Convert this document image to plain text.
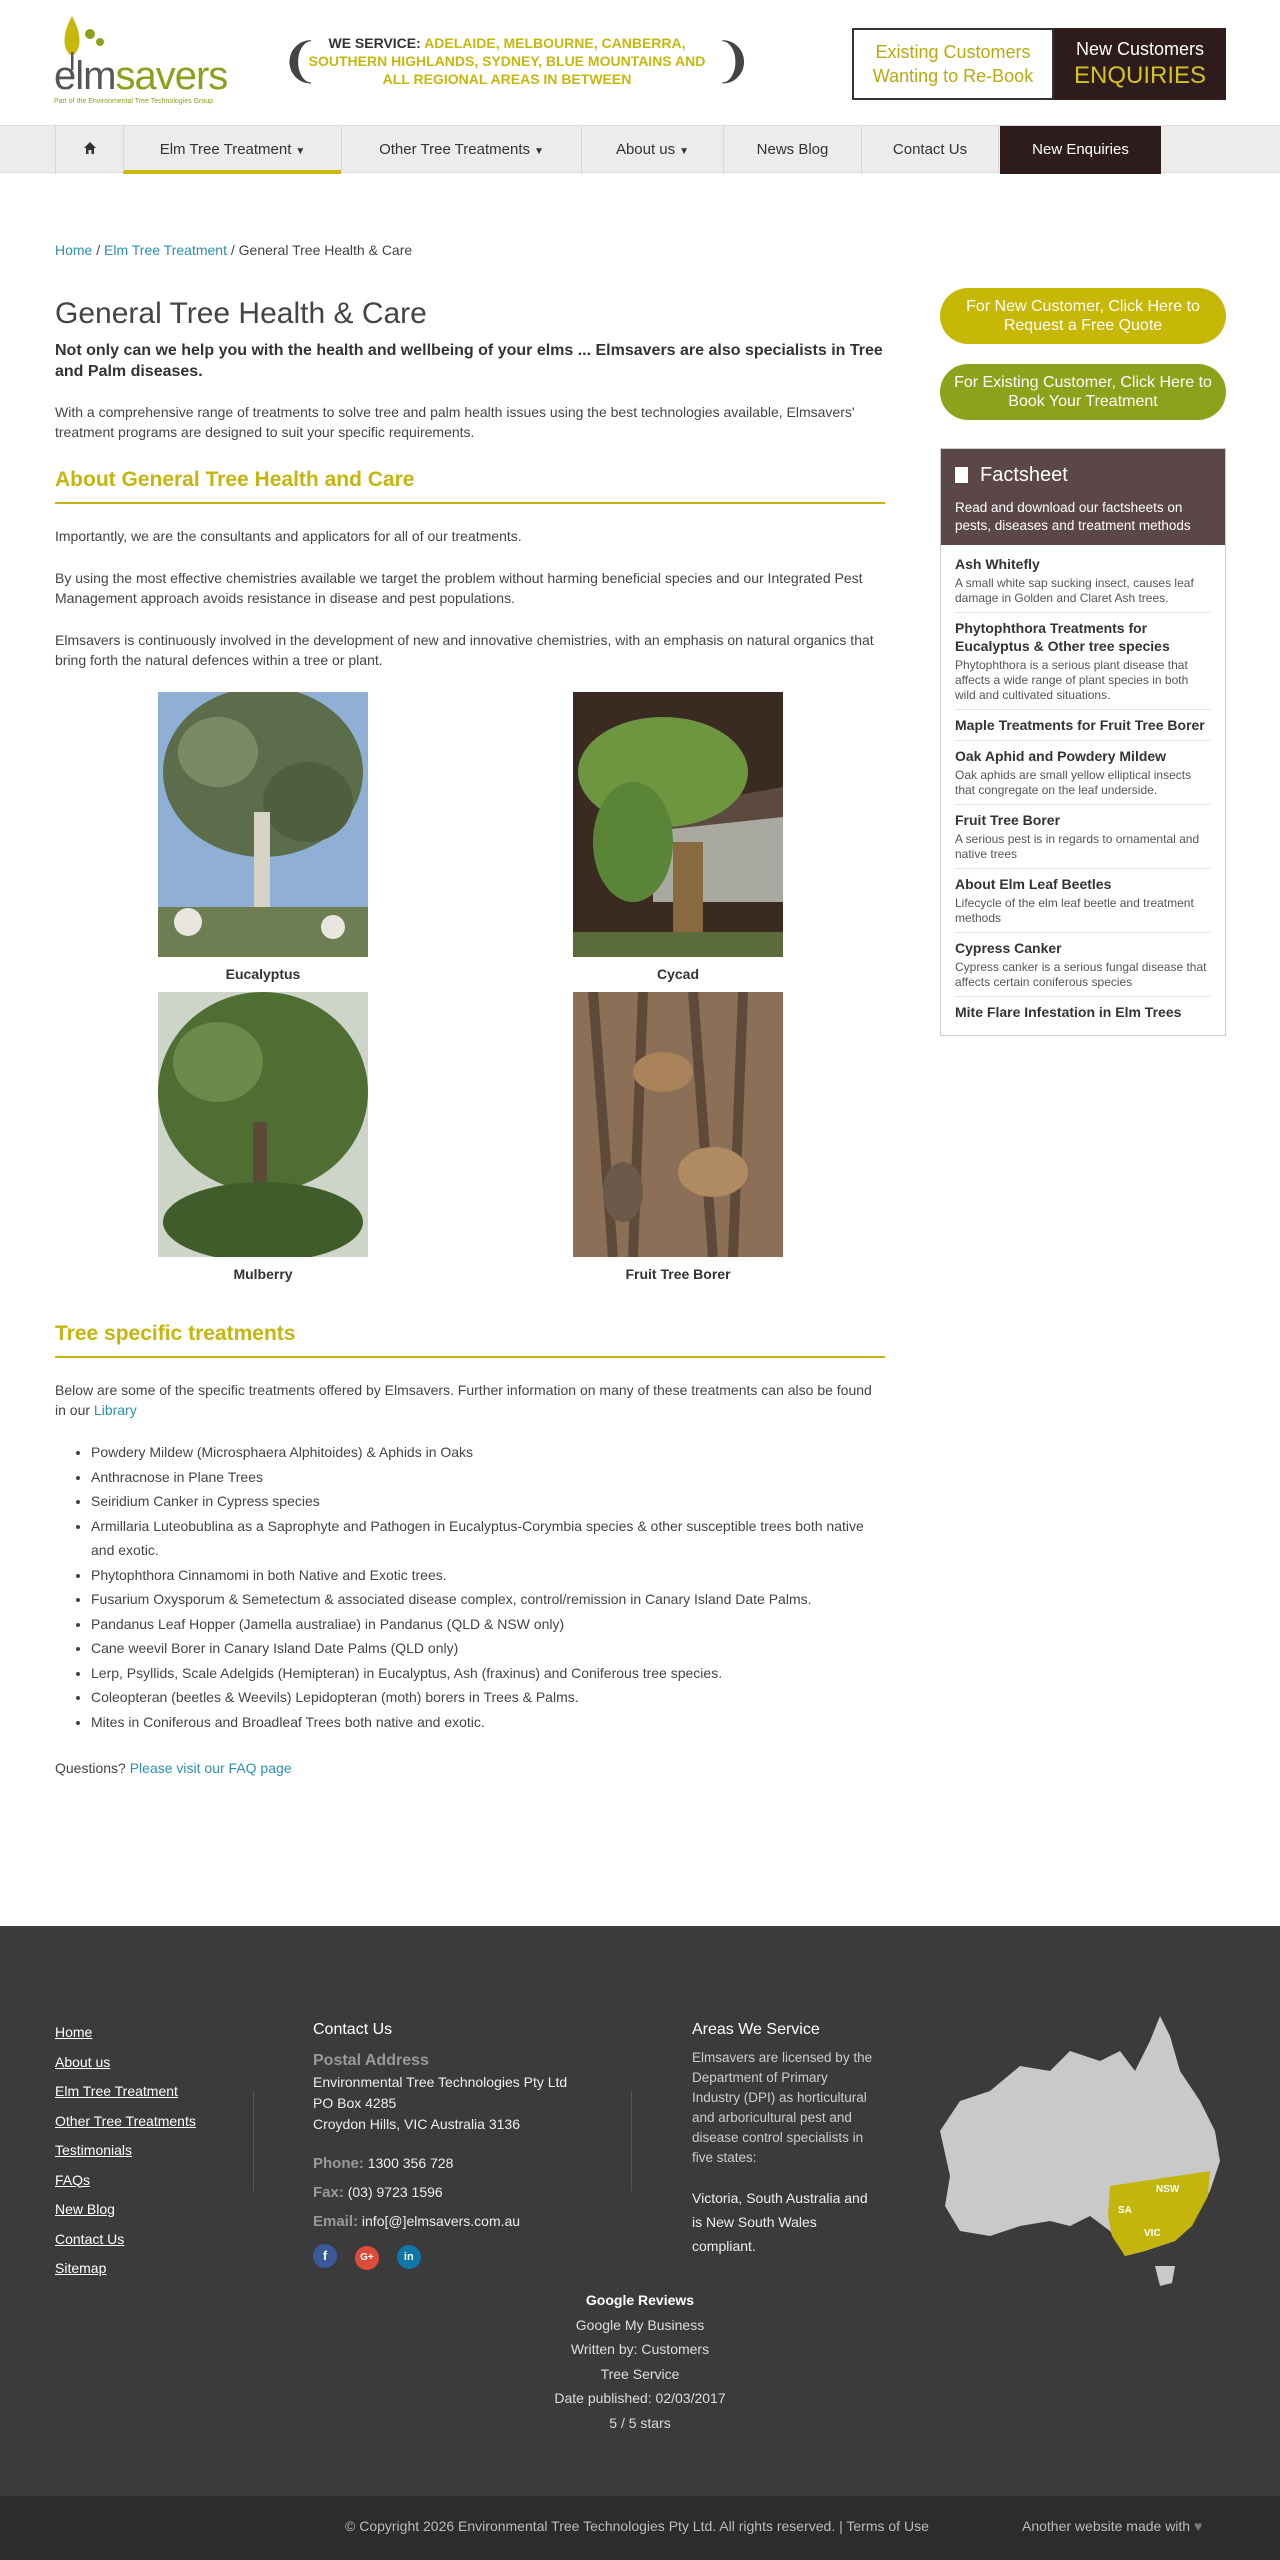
elmsavers
Part of the Environmental Tree Technologies Group
❨ WE SERVICE: ADELAIDE, MELBOURNE, CANBERRA, SOUTHERN HIGHLANDS, SYDNEY, BLUE MOUNTAINS AND ALL REGIONAL AREAS IN BETWEEN	❩	Existing Customers
Wanting to Re-Book
New Customers
ENQUIRIES
Elm Tree Treatment ▼	Other Tree Treatments ▼	About us ▼	News Blog	Contact Us	New Enquiries
Home / Elm Tree Treatment / General Tree Health & Care
General Tree Health & Care
Not only can we help you with the health and wellbeing of your elms ... Elmsavers are also specialists in Tree and Palm diseases.

With a comprehensive range of treatments to solve tree and palm health issues using the best technologies available, Elmsavers' treatment programs are designed to suit your specific requirements.

About General Tree Health and Care

Importantly, we are the consultants and applicators for all of our treatments.

By using the most effective chemistries available we target the problem without harming beneficial species and our Integrated Pest Management approach avoids resistance in disease and pest populations.

Elmsavers is continuously involved in the development of new and innovative chemistries, with an emphasis on natural organics that bring forth the natural defences within a tree or plant.

Eucalyptus	Cycad
Mulberry	Fruit Tree Borer
Tree specific treatments

Below are some of the specific treatments offered by Elmsavers. Further information on many of these treatments can also be found in our Library

• Powdery Mildew (Microsphaera Alphitoides) & Aphids in Oaks
• Anthracnose in Plane Trees
• Seiridium Canker in Cypress species
• Armillaria Luteobublina as a Saprophyte and Pathogen in Eucalyptus-Corymbia species & other susceptible trees both native and exotic.
• Phytophthora Cinnamomi in both Native and Exotic trees.
• Fusarium Oxysporum & Semetectum & associated disease complex, control/remission in Canary Island Date Palms.
• Pandanus Leaf Hopper (Jamella australiae) in Pandanus (QLD & NSW only)
• Cane weevil Borer in Canary Island Date Palms (QLD only)
• Lerp, Psyllids, Scale Adelgids (Hemipteran) in Eucalyptus, Ash (fraxinus) and Coniferous tree species.
• Coleopteran (beetles & Weevils) Lepidopteran (moth) borers in Trees & Palms.
• Mites in Coniferous and Broadleaf Trees both native and exotic.

Questions? Please visit our FAQ page

For New Customer, Click Here to Request a Free Quote
For Existing Customer, Click Here to Book Your Treatment
Factsheet
Read and download our factsheets on pests, diseases and treatment methods
Ash Whitefly
A small white sap sucking insect, causes leaf damage in Golden and Claret Ash trees.
Phytophthora Treatments for Eucalyptus & Other tree species
Phytophthora is a serious plant disease that affects a wide range of plant species in both wild and cultivated situations.
Maple Treatments for Fruit Tree Borer
Oak Aphid and Powdery Mildew
Oak aphids are small yellow elliptical insects that congregate on the leaf underside.
Fruit Tree Borer
A serious pest is in regards to ornamental and native trees
About Elm Leaf Beetles
Lifecycle of the elm leaf beetle and treatment methods
Cypress Canker
Cypress canker is a serious fungal disease that affects certain coniferous species
Mite Flare Infestation in Elm Trees
Home
About us
Elm Tree Treatment
Other Tree Treatments
Testimonials
FAQs
New Blog
Contact Us
Sitemap
Contact Us
Postal Address
Environmental Tree Technologies Pty Ltd
PO Box 4285
Croydon Hills, VIC Australia 3136
Phone: 1300 356 728
Fax: (03) 9723 1596
Email: info[@]elmsavers.com.au
f	G+	in
Areas We Service
Elmsavers are licensed by the Department of Primary Industry (DPI) as horticultural and arboricultural pest and disease control specialists in five states:
Victoria, South Australia and is New South Wales compliant.
NSW
SA
VIC
Google Reviews
Google My Business
Written by: Customers
Tree Service
Date published: 02/03/2017
5 / 5 stars
© Copyright 2026 Environmental Tree Technologies Pty Ltd. All rights reserved. | Terms of Use	Another website made with ♥
